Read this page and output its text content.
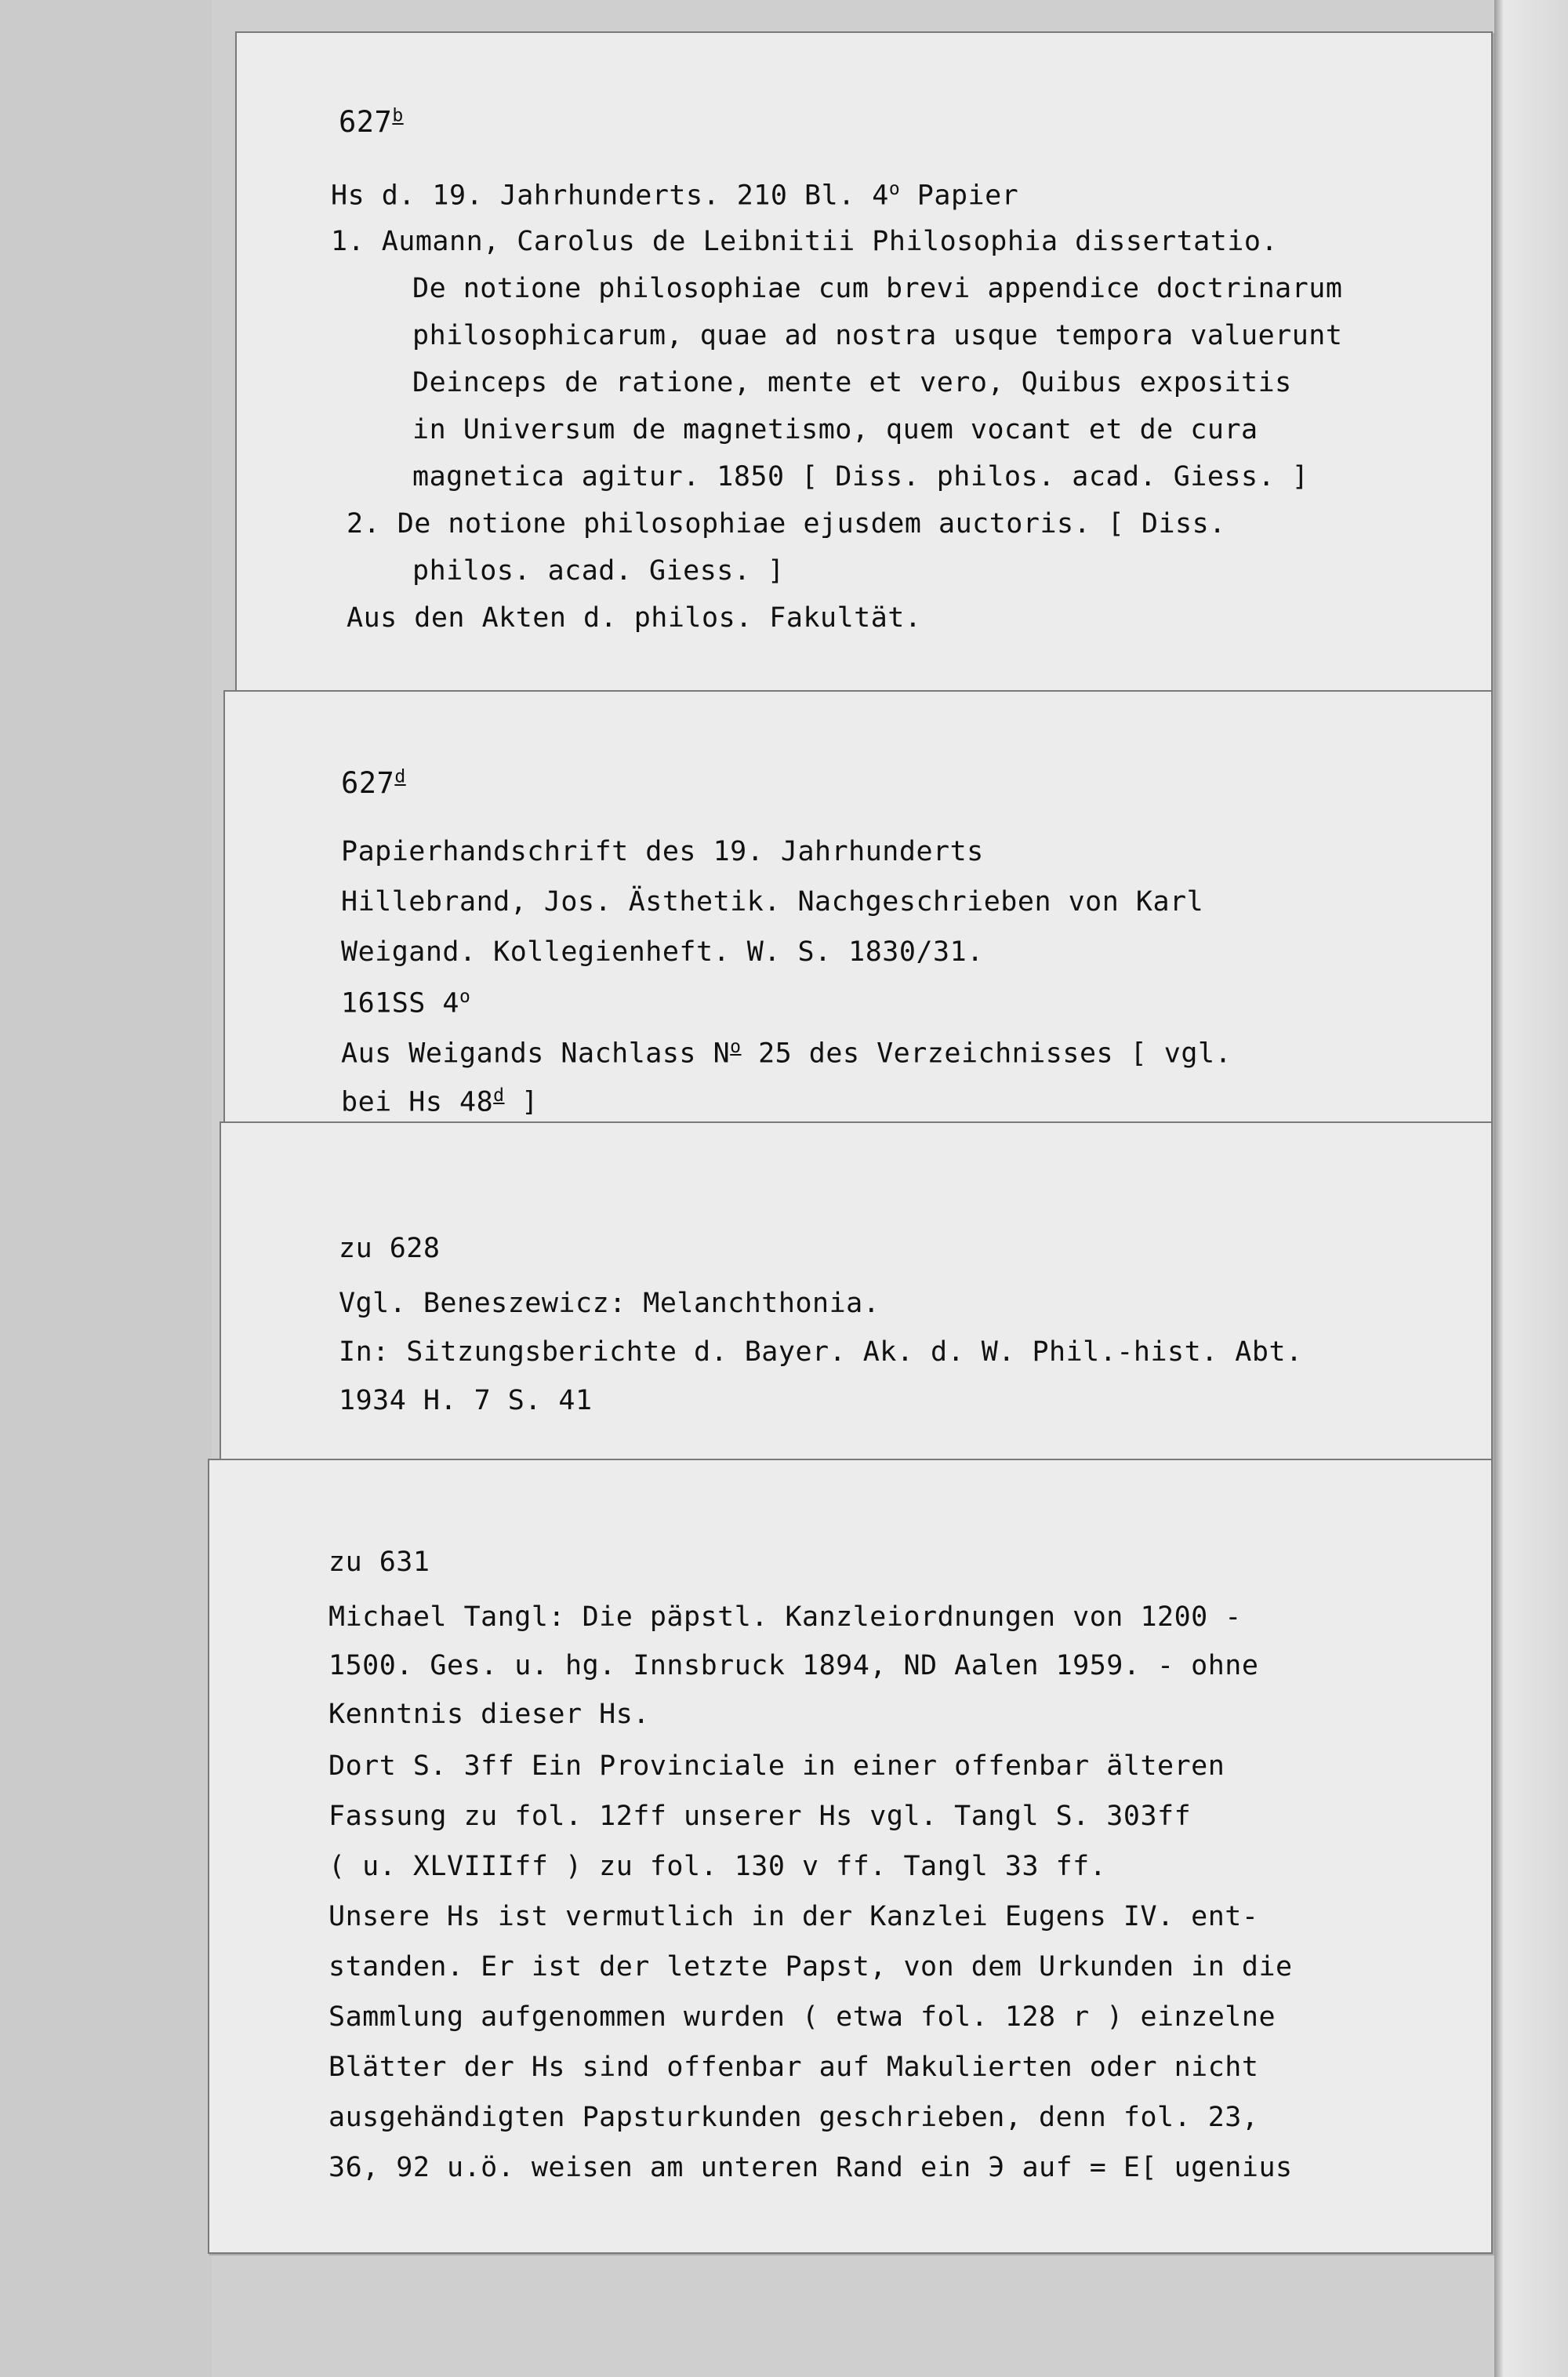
627$^b$
Hs d. 19. Jahrhunderts. 210 Bl. 4$^o$ Papier
1. Aumann, Carolus de Leibnitii Philosophia dissertatio.
De notione philosophiae cum brevi appendice doctrinarum
philosophicarum, quae ad nostra usque tempora valuerunt
Deinceps de ratione, mente et vero, Quibus expositis
in Universum de magnetismo, quem vocant et de cura
magnetica agitur. 1850 [ Diss. philos. acad. Giess. ]
2. De notione philosophiae ejusdem auctoris. [ Diss.
philos. acad. Giess. ]
Aus den Akten d. philos. Fakultät.
627$^d$
Papierhandschrift des 19. Jahrhunderts
Hillebrand, Jos. Ästhetik. Nachgeschrieben von Karl
Weigand. Kollegienheft. W. S. 1830/31.
161SS 4$^o$
Aus Weigands Nachlass $N^o$ 25 des Verzeichnisses [ vgl.
bei Hs 48$^d$ ]
zu 628
Vgl. Beneszewicz: Melanchthonia.
In: Sitzungsberichte d. Bayer. Ak. d. W. Phil.-hist. Abt.
1934 H. 7 S. 41
zu 631
Michael Tangl: Die päpstl. Kanzleiordnungen von 1200 -
1500. Ges. u. hg. Innsbruck 1894, ND Aalen 1959. - ohne
Kenntnis dieser Hs.
Dort S. 3ff Ein Provinciale in einer offenbar älteren
Fassung zu fol. 12ff unserer Hs vgl. Tangl S. 303ff
( u. XLVIIIff ) zu fol. 130 v ff. Tangl 33 ff.
Unsere Hs ist vermutlich in der Kanzlei Eugens IV. ent-
standen. Er ist der letzte Papst, von dem Urkunden in die
Sammlung aufgenommen wurden ( etwa fol. 128 r ) einzelne
Blätter der Hs sind offenbar auf Makulierten oder nicht
ausgehändigten Papsturkunden geschrieben, denn fol. 23,
36, 92 u.ö. weisen am unteren Rand ein Э auf = E[ ugenius
